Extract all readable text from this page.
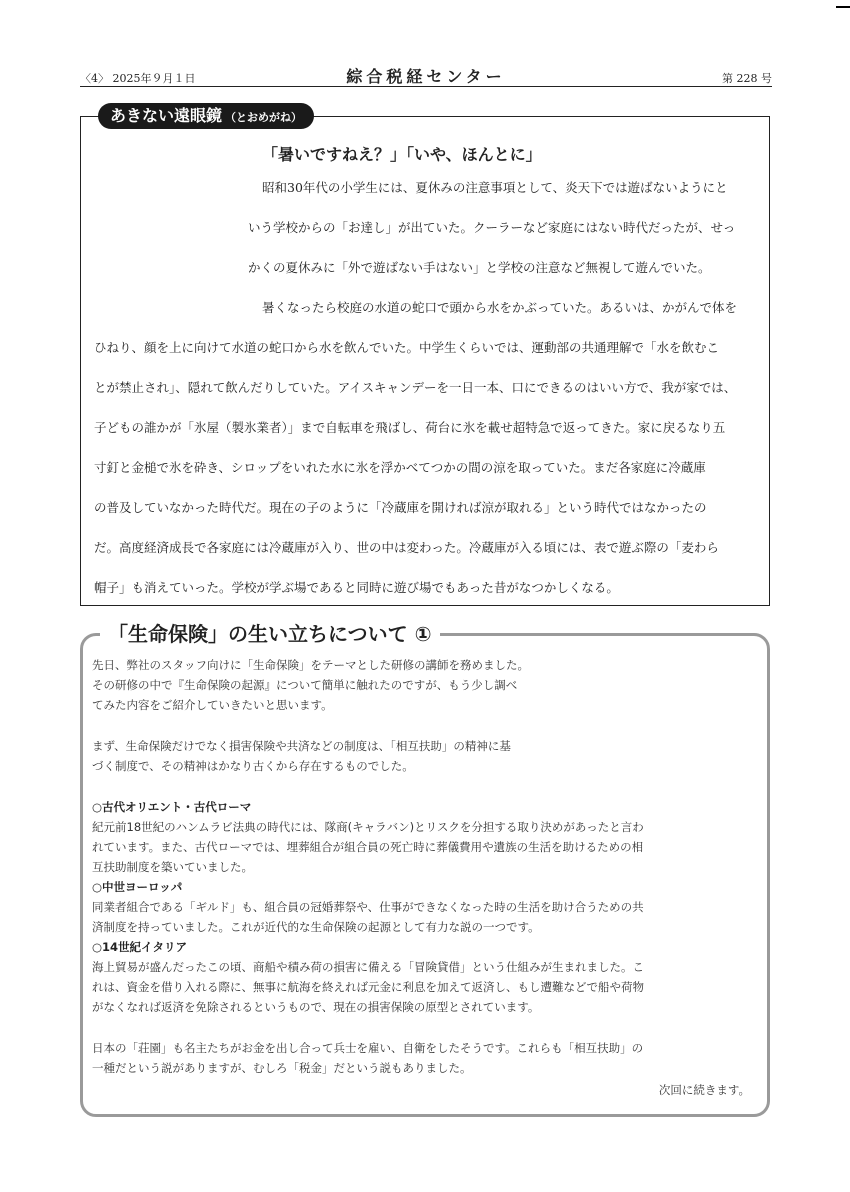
〈4〉 2025年９月１日	綜合税経センター	第 228 号
あきない遠眼鏡 （とおめがね）
「暑いですねえ？」「いや、ほんとに」
昭和30年代の小学生には、夏休みの注意事項として、炎天下では遊ばないようにと
いう学校からの「お達し」が出ていた。クーラーなど家庭にはない時代だったが、せっ
かくの夏休みに「外で遊ばない手はない」と学校の注意など無視して遊んでいた。
暑くなったら校庭の水道の蛇口で頭から水をかぶっていた。あるいは、かがんで体を
ひねり、顔を上に向けて水道の蛇口から水を飲んでいた。中学生くらいでは、運動部の共通理解で「水を飲むこ
とが禁止され」、隠れて飲んだりしていた。アイスキャンデーを一日一本、口にできるのはいい方で、我が家では、
子どもの誰かが「氷屋（製氷業者）」まで自転車を飛ばし、荷台に氷を載せ超特急で返ってきた。家に戻るなり五
寸釘と金槌で氷を砕き、シロップをいれた水に氷を浮かべてつかの間の涼を取っていた。まだ各家庭に冷蔵庫
の普及していなかった時代だ。現在の子のように「冷蔵庫を開ければ涼が取れる」という時代ではなかったの
だ。高度経済成長で各家庭には冷蔵庫が入り、世の中は変わった。冷蔵庫が入る頃には、表で遊ぶ際の「麦わら
帽子」も消えていった。学校が学ぶ場であると同時に遊び場でもあった昔がなつかしくなる。
「生命保険」の生い立ちについて ①
先日、弊社のスタッフ向けに「生命保険」をテーマとした研修の講師を務めました。
その研修の中で『生命保険の起源』について簡単に触れたのですが、もう少し調べ
てみた内容をご紹介していきたいと思います。
まず、生命保険だけでなく損害保険や共済などの制度は、「相互扶助」の精神に基
づく制度で、その精神はかなり古くから存在するものでした。
○古代オリエント・古代ローマ
紀元前18世紀のハンムラビ法典の時代には、隊商(キャラバン)とリスクを分担する取り決めがあったと言わ
れています。また、古代ローマでは、埋葬組合が組合員の死亡時に葬儀費用や遺族の生活を助けるための相
互扶助制度を築いていました。
○中世ヨーロッパ
同業者組合である「ギルド」も、組合員の冠婚葬祭や、仕事ができなくなった時の生活を助け合うための共
済制度を持っていました。これが近代的な生命保険の起源として有力な説の一つです。
○14世紀イタリア
海上貿易が盛んだったこの頃、商船や積み荷の損害に備える「冒険貸借」という仕組みが生まれました。こ
れは、資金を借り入れる際に、無事に航海を終えれば元金に利息を加えて返済し、もし遭難などで船や荷物
がなくなれば返済を免除されるというもので、現在の損害保険の原型とされています。
日本の「荘園」も名主たちがお金を出し合って兵士を雇い、自衛をしたそうです。これらも「相互扶助」の
一種だという説がありますが、むしろ「税金」だという説もありました。
次回に続きます。
